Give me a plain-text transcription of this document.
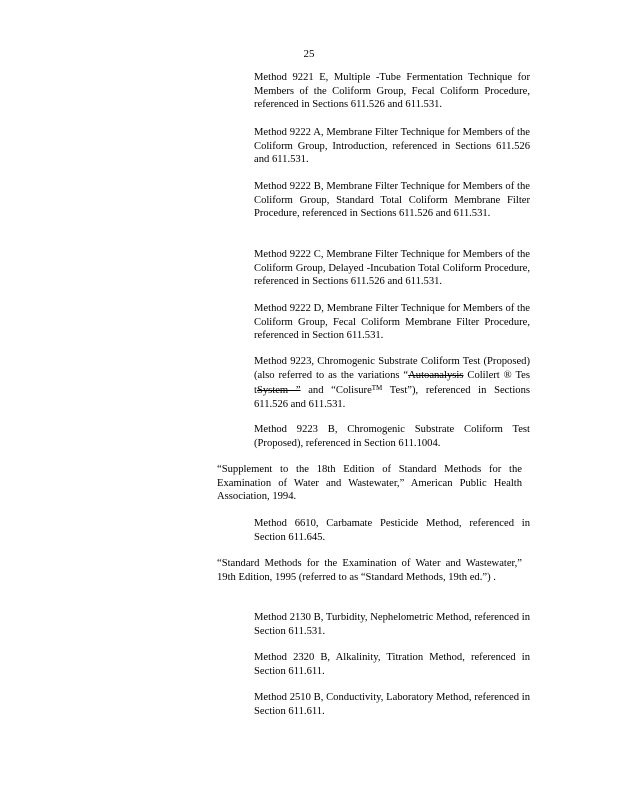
25

Method 9221 E, Multiple -Tube Fermentation Technique for Members of the Coliform Group, Fecal Coliform Procedure, referenced in Sections 611.526 and 611.531.

Method 9222 A, Membrane Filter Technique for Members of the Coliform Group, Introduction, referenced in Sections 611.526 and 611.531.

Method 9222 B, Membrane Filter Technique for Members of the Coliform Group, Standard Total Coliform Membrane Filter Procedure, referenced in Sections 611.526 and 611.531.

Method 9222 C, Membrane Filter Technique for Members of the Coliform Group, Delayed -Incubation Total Coliform Procedure, referenced in Sections 611.526 and 611.531.

Method 9222 D, Membrane Filter Technique for Members of the Coliform Group, Fecal Coliform Membrane Filter Procedure, referenced in Section 611.531.

Method 9223, Chromogenic Substrate Coliform Test (Proposed) (also referred to as the variations “Autoanalysis Colilert ® Tes tSystem ” and “Colisure™ Test”), referenced in Sections 611.526 and 611.531.

Method 9223 B, Chromogenic Substrate Coliform Test (Proposed), referenced in Section 611.1004.

“Supplement to the 18th Edition of Standard Methods for the Examination of Water and Wastewater,” American Public Health Association, 1994.

Method 6610, Carbamate Pesticide Method, referenced in Section 611.645.

“Standard Methods for the Examination of Water and Wastewater,” 19th Edition, 1995 (referred to as “Standard Methods, 19th ed.”) .

Method 2130 B, Turbidity, Nephelometric Method, referenced in Section 611.531.

Method 2320 B, Alkalinity, Titration Method, referenced in Section 611.611.

Method 2510 B, Conductivity, Laboratory Method, referenced in Section 611.611.
